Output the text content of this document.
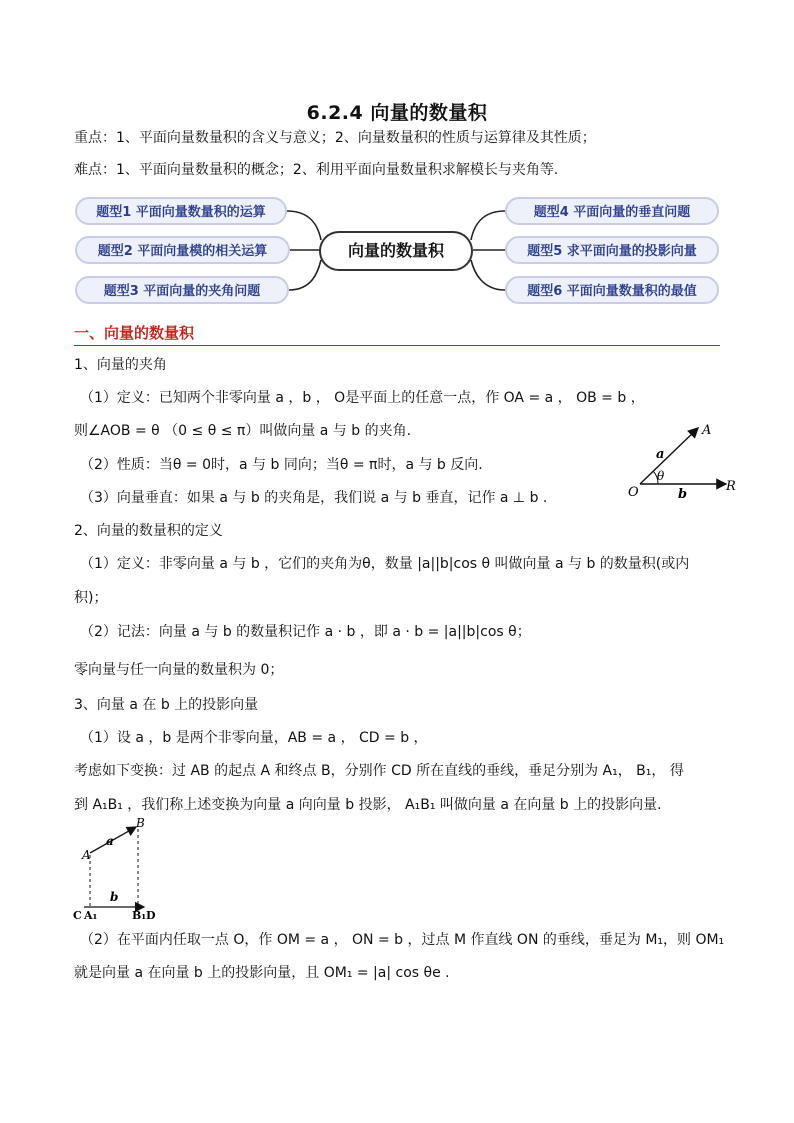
6.2.4 向量的数量积
重点：1、平面向量数量积的含义与意义；2、向量数量积的性质与运算律及其性质；
难点：1、平面向量数量积的概念；2、利用平面向量数量积求解模长与夹角等.
题型1 平面向量数量积的运算
题型2 平面向量模的相关运算
题型3 平面向量的夹角问题
向量的数量积
题型4 平面向量的垂直问题
题型5 求平面向量的投影向量
题型6 平面向量数量积的最值
一、向量的数量积
1、向量的夹角
（1）定义：已知两个非零向量 a ，b ， O是平面上的任意一点，作 OA = a ， OB = b ，
则∠AOB = θ （0 ≤ θ ≤ π）叫做向量 a 与 b 的夹角.
（2）性质：当θ = 0时，a 与 b 同向；当θ = π时，a 与 b 反向.
（3）向量垂直：如果 a 与 b 的夹角是，我们说 a 与 b 垂直，记作 a ⊥ b .	O
A
R
a
b
θ
2、向量的数量积的定义
（1）定义：非零向量 a 与 b ，它们的夹角为θ，数量 |a||b|cos θ 叫做向量 a 与 b 的数量积(或内
积)；
（2）记法：向量 a 与 b 的数量积记作 a · b ，即 a · b = |a||b|cos θ；
零向量与任一向量的数量积为 0；
3、向量 a 在 b 上的投影向量
（1）设 a ，b 是两个非零向量，AB = a ， CD = b ，
考虑如下变换：过 AB 的起点 A 和终点 B，分别作 CD 所在直线的垂线，垂足分别为 A₁， B₁， 得
到 A₁B₁ ，我们称上述变换为向量 a 向向量 b 投影， A₁B₁ 叫做向量 a 在向量 b 上的投影向量.
A
B
a
b
C A₁	B₁ D
（2）在平面内任取一点 O，作 OM = a ， ON = b ，过点 M 作直线 ON 的垂线，垂足为 M₁，则 OM₁
就是向量 a 在向量 b 上的投影向量，且 OM₁ = |a| cos θe .
